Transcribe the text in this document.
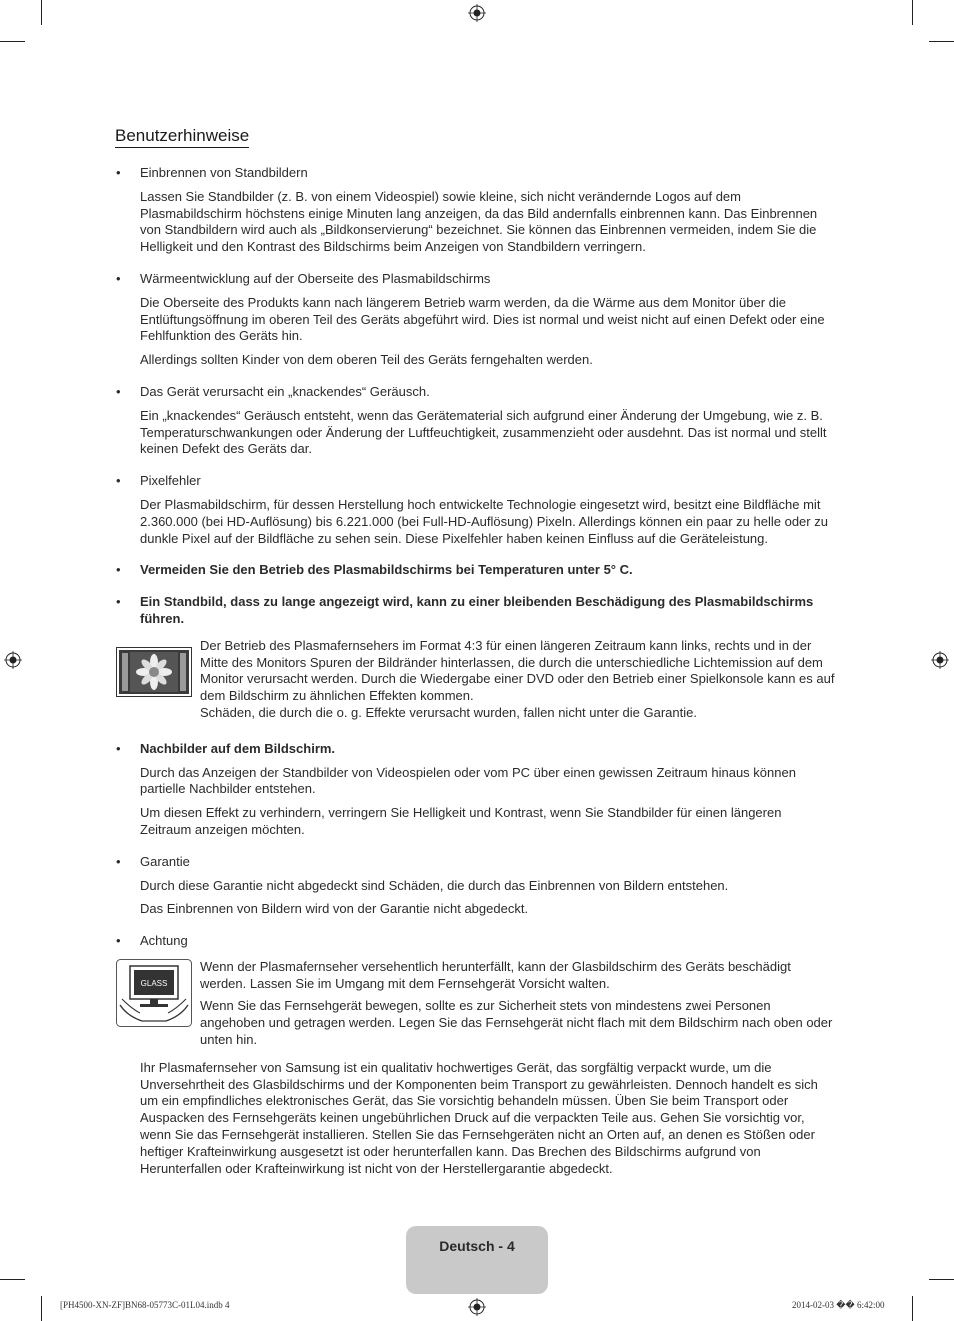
Benutzerhinweise
•	Einbrennen von Standbildern

Lassen Sie Standbilder (z. B. von einem Videospiel) sowie kleine, sich nicht verändernde Logos auf dem Plasmabildschirm höchstens einige Minuten lang anzeigen, da das Bild andernfalls einbrennen kann. Das Einbrennen von Standbildern wird auch als „Bildkonservierung“ bezeichnet. Sie können das Einbrennen vermeiden, indem Sie die Helligkeit und den Kontrast des Bildschirms beim Anzeigen von Standbildern verringern.

•	Wärmeentwicklung auf der Oberseite des Plasmabildschirms

Die Oberseite des Produkts kann nach längerem Betrieb warm werden, da die Wärme aus dem Monitor über die Entlüftungsöffnung im oberen Teil des Geräts abgeführt wird. Dies ist normal und weist nicht auf einen Defekt oder eine Fehlfunktion des Geräts hin.

Allerdings sollten Kinder von dem oberen Teil des Geräts ferngehalten werden.

•	Das Gerät verursacht ein „knackendes“ Geräusch.

Ein „knackendes“ Geräusch entsteht, wenn das Gerätematerial sich aufgrund einer Änderung der Umgebung, wie z. B. Temperaturschwankungen oder Änderung der Luftfeuchtigkeit, zusammenzieht oder ausdehnt. Das ist normal und stellt keinen Defekt des Geräts dar.

•	Pixelfehler

Der Plasmabildschirm, für dessen Herstellung hoch entwickelte Technologie eingesetzt wird, besitzt eine Bildfläche mit 2.360.000 (bei HD-Auflösung) bis 6.221.000 (bei Full-HD-Auflösung) Pixeln. Allerdings können ein paar zu helle oder zu dunkle Pixel auf der Bildfläche zu sehen sein. Diese Pixelfehler haben keinen Einfluss auf die Geräteleistung.

•	Vermeiden Sie den Betrieb des Plasmabildschirms bei Temperaturen unter 5° C.

•	Ein Standbild, dass zu lange angezeigt wird, kann zu einer bleibenden Beschädigung des Plasmabildschirms führen.

Der Betrieb des Plasmafernsehers im Format 4:3 für einen längeren Zeitraum kann links, rechts und in der Mitte des Monitors Spuren der Bildränder hinterlassen, die durch die unterschiedliche Lichtemission auf dem Monitor verursacht werden. Durch die Wiedergabe einer DVD oder den Betrieb einer Spielkonsole kann es auf dem Bildschirm zu ähnlichen Effekten kommen.

Schäden, die durch die o. g. Effekte verursacht wurden, fallen nicht unter die Garantie.

•	Nachbilder auf dem Bildschirm.

Durch das Anzeigen der Standbilder von Videospielen oder vom PC über einen gewissen Zeitraum hinaus können partielle Nachbilder entstehen.

Um diesen Effekt zu verhindern, verringern Sie Helligkeit und Kontrast, wenn Sie Standbilder für einen längeren Zeitraum anzeigen möchten.

•	Garantie

Durch diese Garantie nicht abgedeckt sind Schäden, die durch das Einbrennen von Bildern entstehen.

Das Einbrennen von Bildern wird von der Garantie nicht abgedeckt.

•	Achtung

GLASS

Wenn der Plasmafernseher versehentlich herunterfällt, kann der Glasbildschirm des Geräts beschädigt werden. Lassen Sie im Umgang mit dem Fernsehgerät Vorsicht walten.

Wenn Sie das Fernsehgerät bewegen, sollte es zur Sicherheit stets von mindestens zwei Personen angehoben und getragen werden. Legen Sie das Fernsehgerät nicht flach mit dem Bildschirm nach oben oder unten hin.

Ihr Plasmafernseher von Samsung ist ein qualitativ hochwertiges Gerät, das sorgfältig verpackt wurde, um die Unversehrtheit des Glasbildschirms und der Komponenten beim Transport zu gewährleisten. Dennoch handelt es sich um ein empfindliches elektronisches Gerät, das Sie vorsichtig behandeln müssen. Üben Sie beim Transport oder Auspacken des Fernsehgeräts keinen ungebührlichen Druck auf die verpackten Teile aus. Gehen Sie vorsichtig vor, wenn Sie das Fernsehgerät installieren. Stellen Sie das Fernsehgeräten nicht an Orten auf, an denen es Stößen oder heftiger Krafteinwirkung ausgesetzt ist oder herunterfallen kann. Das Brechen des Bildschirms aufgrund von Herunterfallen oder Krafteinwirkung ist nicht von der Herstellergarantie abgedeckt.

Deutsch - 4
[PH4500-XN-ZF]BN68-05773C-01L04.indb 4	2014-02-03 �� 6:42:00
